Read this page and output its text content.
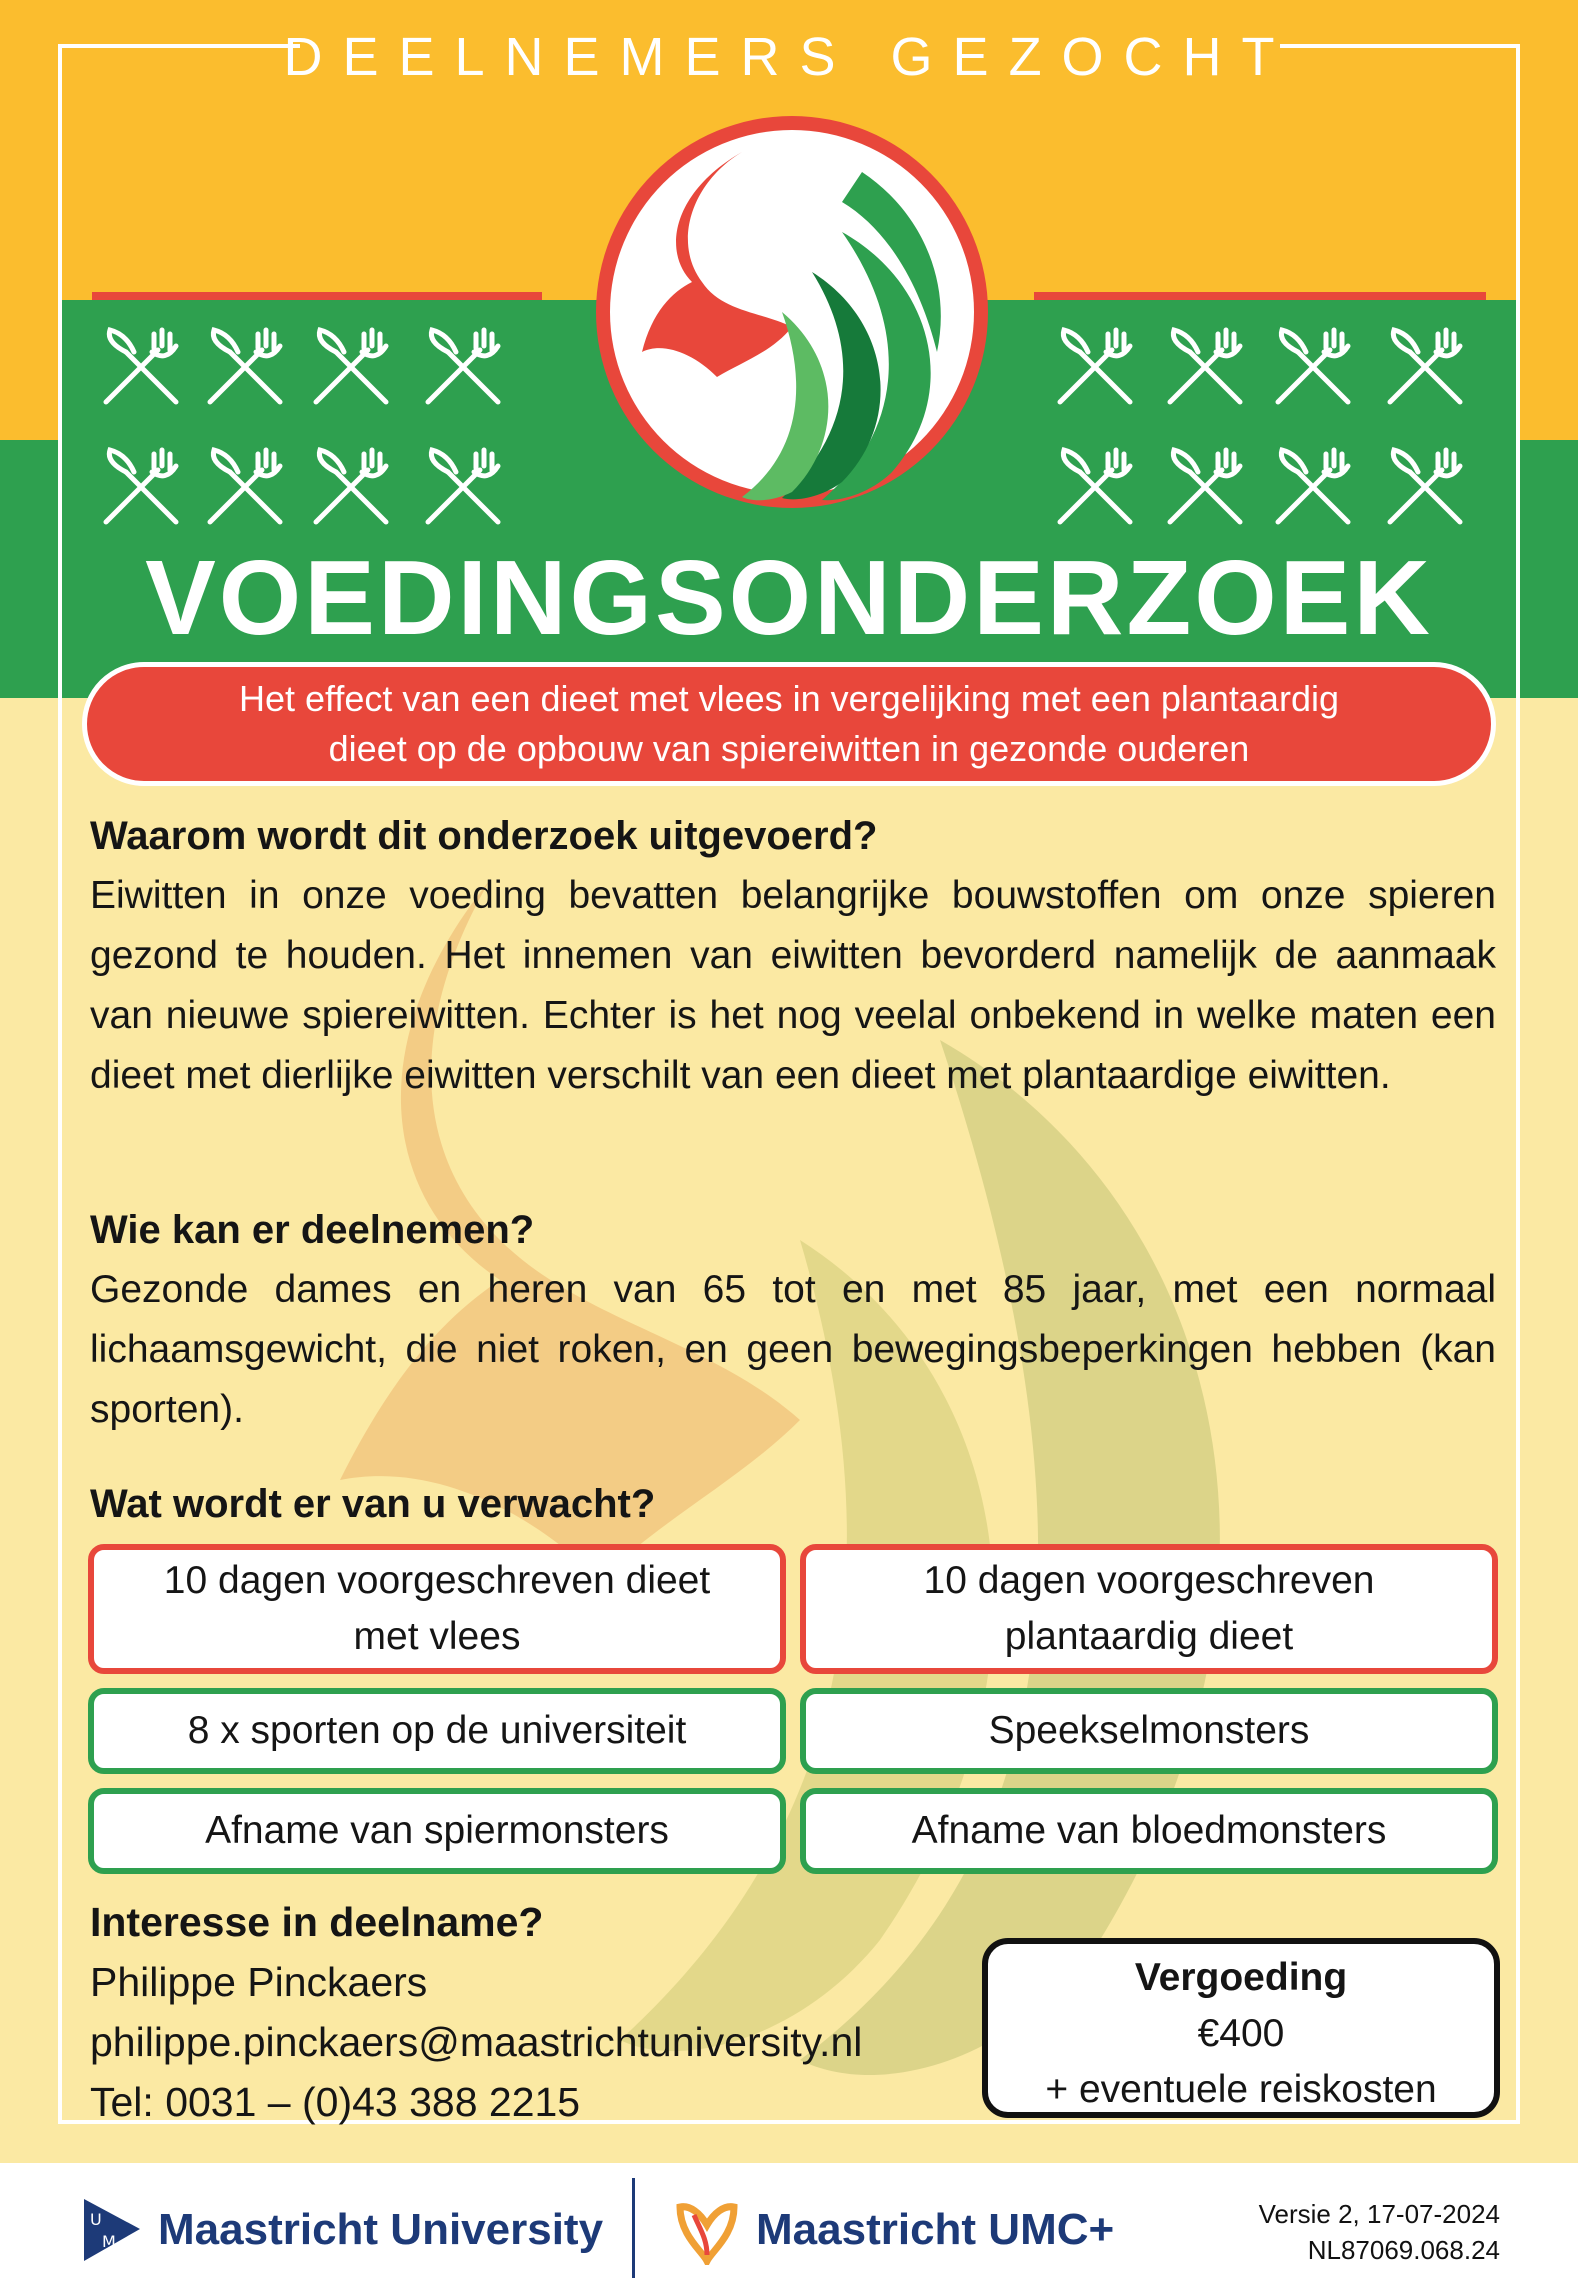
DEELNEMERS GEZOCHT
VOEDINGSONDERZOEK
Het effect van een dieet met vlees in vergelijking met een plantaardig
dieet op de opbouw van spiereiwitten in gezonde ouderen
Waarom wordt dit onderzoek uitgevoerd?
Eiwitten in onze voeding bevatten belangrijke bouwstoffen om onze spieren gezond te houden. Het innemen van eiwitten bevorderd namelijk de aanmaak van nieuwe spiereiwitten. Echter is het nog veelal onbekend in welke maten een dieet met dierlijke eiwitten verschilt van een dieet met plantaardige eiwitten.
Wie kan er deelnemen?
Gezonde dames en heren van 65 tot en met 85 jaar, met een normaal lichaamsgewicht, die niet roken, en geen bewegingsbeperkingen hebben (kan sporten).
Wat wordt er van u verwacht?
10 dagen voorgeschreven dieet
met vlees
10 dagen voorgeschreven
plantaardig dieet
8 x sporten op de universiteit	Speekselmonsters
Afname van spiermonsters	Afname van bloedmonsters
Interesse in deelname?
Philippe Pinckaers
philippe.pinckaers@maastrichtuniversity.nl
Tel: 0031 – (0)43 388 2215
Vergoeding
€400
+ eventuele reiskosten
U
M Maastricht University	Maastricht UMC+	Versie 2, 17-07-2024
NL87069.068.24
